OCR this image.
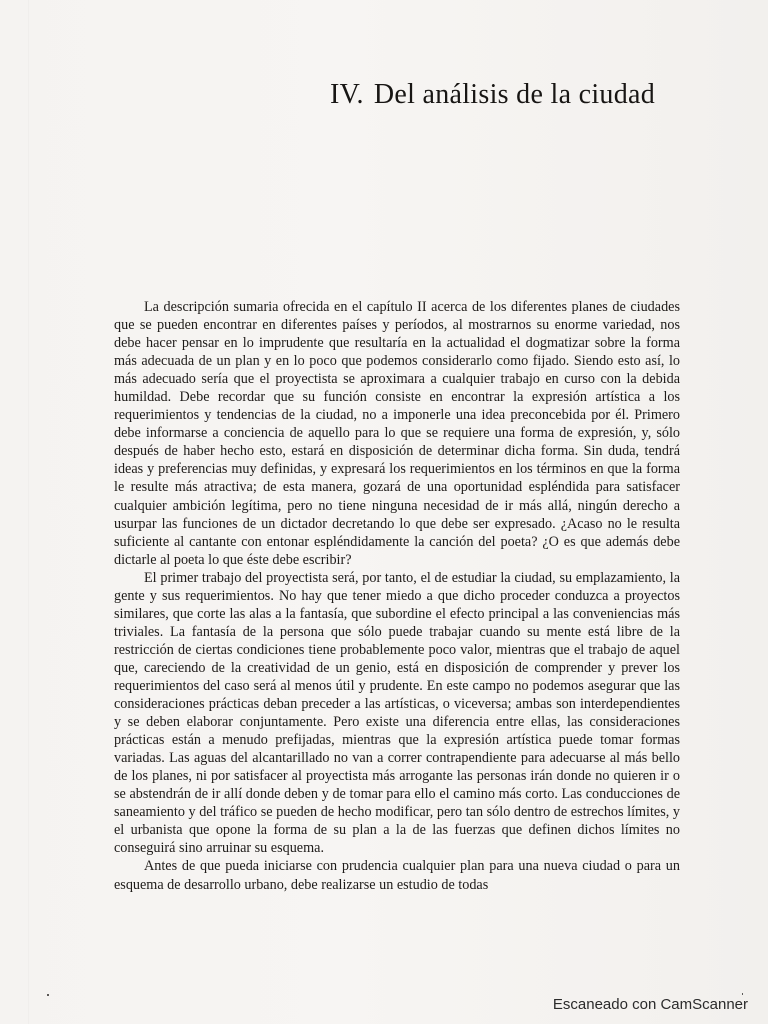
IV. Del análisis de la ciudad

La descripción sumaria ofrecida en el capítulo II acerca de los diferentes planes de ciudades que se pueden encontrar en diferentes países y períodos, al mostrarnos su enorme variedad, nos debe hacer pensar en lo imprudente que resultaría en la actualidad el dogmatizar sobre la forma más adecuada de un plan y en lo poco que podemos considerarlo como fijado. Siendo esto así, lo más adecuado sería que el proyectista se aproximara a cualquier trabajo en curso con la debida humildad. Debe recordar que su función consiste en encontrar la expresión artística a los requerimientos y tendencias de la ciudad, no a imponerle una idea preconcebida por él. Primero debe informarse a conciencia de aquello para lo que se requiere una forma de expresión, y, sólo después de haber hecho esto, estará en disposición de determinar dicha forma. Sin duda, tendrá ideas y preferencias muy definidas, y expresará los requerimientos en los términos en que la forma le resulte más atractiva; de esta manera, gozará de una oportunidad espléndida para satisfacer cualquier ambición legítima, pero no tiene ninguna necesidad de ir más allá, ningún derecho a usurpar las funciones de un dictador decretando lo que debe ser expresado. ¿Acaso no le resulta suficiente al cantante con entonar espléndidamente la canción del poeta? ¿O es que además debe dictarle al poeta lo que éste debe escribir?

El primer trabajo del proyectista será, por tanto, el de estudiar la ciudad, su emplazamiento, la gente y sus requerimientos. No hay que tener miedo a que dicho proceder conduzca a proyectos similares, que corte las alas a la fantasía, que subordine el efecto principal a las conveniencias más triviales. La fantasía de la persona que sólo puede trabajar cuando su mente está libre de la restricción de ciertas condiciones tiene probablemente poco valor, mientras que el trabajo de aquel que, careciendo de la creatividad de un genio, está en disposición de comprender y prever los requerimientos del caso será al menos útil y prudente. En este campo no podemos asegurar que las consideraciones prácticas deban preceder a las artísticas, o viceversa; ambas son interdependientes y se deben elaborar conjuntamente. Pero existe una diferencia entre ellas, las consideraciones prácticas están a menudo prefijadas, mientras que la expresión artística puede tomar formas variadas. Las aguas del alcantarillado no van a correr contrapendiente para adecuarse al más bello de los planes, ni por satisfacer al proyectista más arrogante las personas irán donde no quieren ir o se abstendrán de ir allí donde deben y de tomar para ello el camino más corto. Las conducciones de saneamiento y del tráfico se pueden de hecho modificar, pero tan sólo dentro de estrechos límites, y el urbanista que opone la forma de su plan a la de las fuerzas que definen dichos límites no conseguirá sino arruinar su esquema.

Antes de que pueda iniciarse con prudencia cualquier plan para una nueva ciudad o para un esquema de desarrollo urbano, debe realizarse un estudio de todas

Escaneado con CamScanner
